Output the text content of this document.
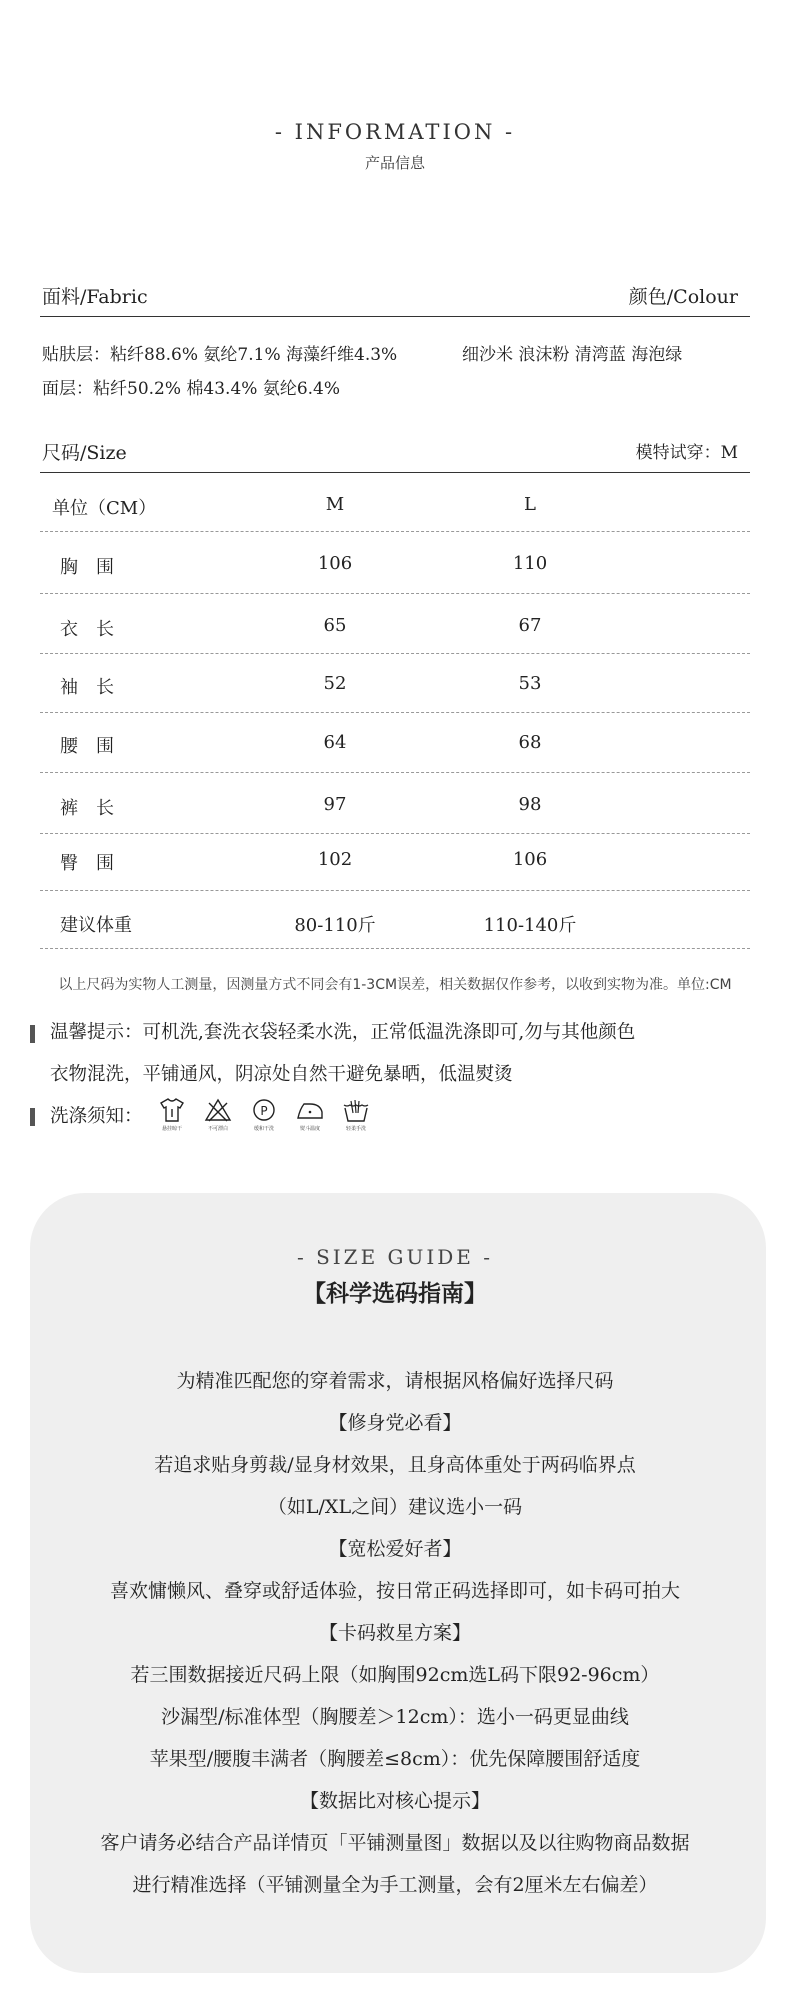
- INFORMATION -
产品信息
面料/Fabric	颜色/Colour
贴肤层：粘纤88.6% 氨纶7.1% 海藻纤维4.3%	细沙米 浪沫粉 清湾蓝 海泡绿
面层：粘纤50.2% 棉43.4% 氨纶6.4%
尺码/Size	模特试穿：M
单位（CM）	M	L
胸　围	106	110
衣　长	65	67
袖　长	52	53
腰　围	64	68
裤　长	97	98
臀　围	102	106
建议体重	80-110斤	110-140斤
以上尺码为实物人工测量，因测量方式不同会有1-3CM误差，相关数据仅作参考，以收到实物为准。单位:CM
温馨提示：可机洗,套洗衣袋轻柔水洗，正常低温洗涤即可,勿与其他颜色
衣物混洗，平铺通风，阴凉处自然干避免暴晒，低温熨烫
洗涤须知：
悬挂晾干	不可漂白
P
缓和干洗	熨斗温度	轻柔手洗
- SIZE GUIDE -
【科学选码指南】
为精准匹配您的穿着需求，请根据风格偏好选择尺码
【修身党必看】
若追求贴身剪裁/显身材效果，且身高体重处于两码临界点
（如L/XL之间）建议选小一码
【宽松爱好者】
喜欢慵懒风、叠穿或舒适体验，按日常正码选择即可，如卡码可拍大
【卡码救星方案】
若三围数据接近尺码上限（如胸围92cm选L码下限92-96cm）
沙漏型/标准体型（胸腰差＞12cm）：选小一码更显曲线
苹果型/腰腹丰满者（胸腰差≤8cm）：优先保障腰围舒适度
【数据比对核心提示】
客户请务必结合产品详情页「平铺测量图」数据以及以往购物商品数据
进行精准选择（平铺测量全为手工测量，会有2厘米左右偏差）
